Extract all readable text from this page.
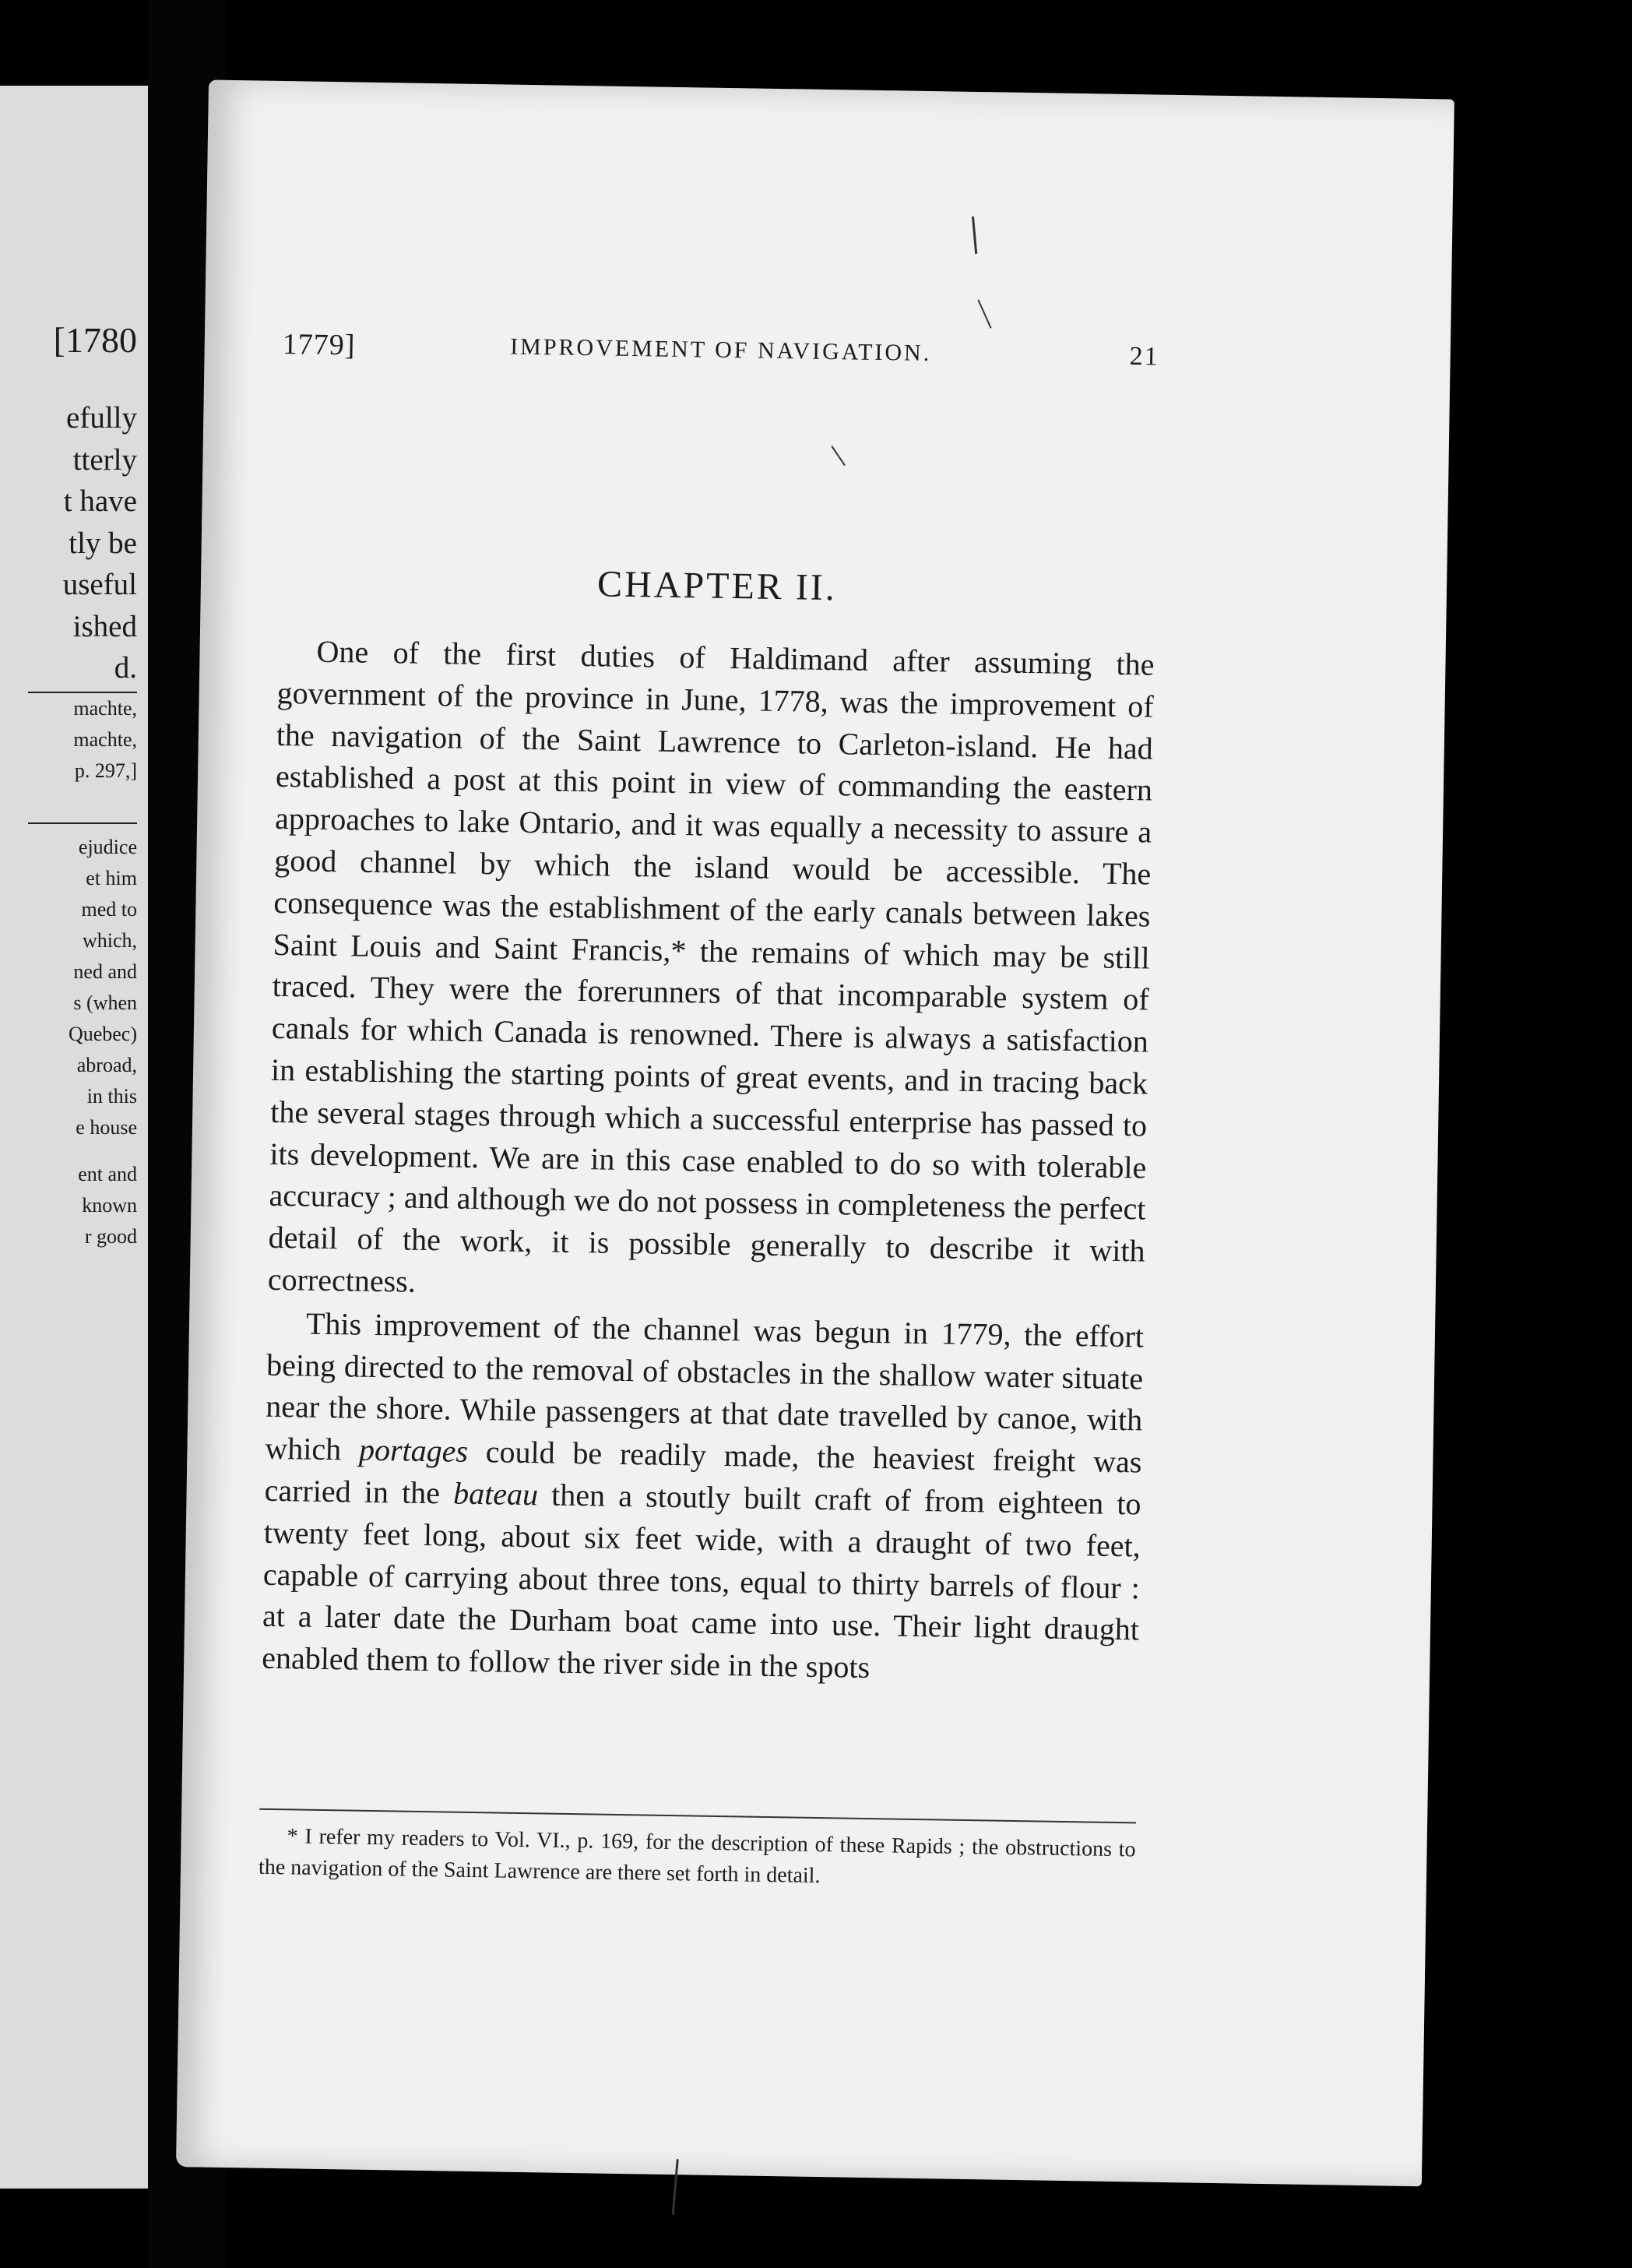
[1780
efully
tterly
t have
tly be
useful
ished
d.
machte,
machte,
p. 297,]
ejudice
et him
med to
which,
ned and
s (when
Quebec)
abroad,
in this
e house
ent and
known
r good
1779]	IMPROVEMENT OF NAVIGATION.	21
CHAPTER II.

One of the first duties of Haldimand after assuming the government of the province in June, 1778, was the improvement of the navigation of the Saint Lawrence to Carleton-island. He had established a post at this point in view of commanding the eastern approaches to lake Ontario, and it was equally a necessity to assure a good channel by which the island would be accessible. The consequence was the establishment of the early canals between lakes Saint Louis and Saint Francis,* the remains of which may be still traced. They were the forerunners of that incomparable system of canals for which Canada is renowned. There is always a satisfaction in establishing the starting points of great events, and in tracing back the several stages through which a successful enterprise has passed to its development. We are in this case enabled to do so with tolerable accuracy ; and although we do not possess in completeness the perfect detail of the work, it is possible generally to describe it with correctness.

This improvement of the channel was begun in 1779, the effort being directed to the removal of obstacles in the shallow water situate near the shore. While passengers at that date travelled by canoe, with which portages could be readily made, the heaviest freight was carried in the bateau then a stoutly built craft of from eighteen to twenty feet long, about six feet wide, with a draught of two feet, capable of carrying about three tons, equal to thirty barrels of flour : at a later date the Durham boat came into use. Their light draught enabled them to follow the river side in the spots

* I refer my readers to Vol. VI., p. 169, for the description of these Rapids ; the obstructions to the navigation of the Saint Lawrence are there set forth in detail.
